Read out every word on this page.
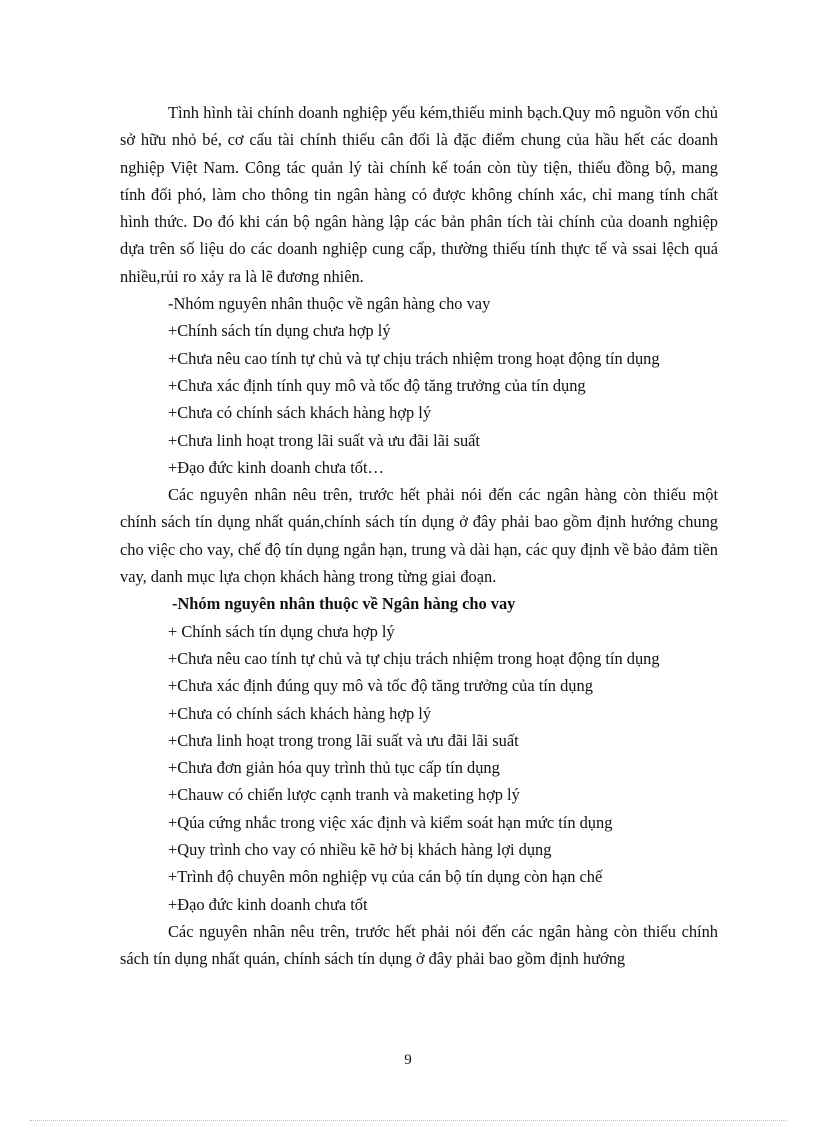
Tình hình tài chính doanh nghiệp yếu kém,thiếu minh bạch.Quy mô nguồn vốn chủ sở hữu nhỏ bé, cơ cấu tài chính thiếu cân đối là đặc điểm chung của hầu hết các doanh nghiệp Việt Nam. Công tác quản lý tài chính kế toán còn tùy tiện, thiếu đồng bộ, mang tính đối phó, làm cho thông tin ngân hàng có được không chính xác, chỉ mang tính chất hình thức. Do đó khi cán bộ ngân hàng lập các bản phân tích tài chính của doanh nghiệp dựa trên số liệu do các doanh nghiệp cung cấp, thường thiếu tính thực tế và ssai lệch quá nhiều,rủi ro xảy ra là lẽ đương nhiên.

-Nhóm nguyên nhân thuộc về ngân hàng cho vay

+Chính sách tín dụng chưa hợp lý

+Chưa nêu cao tính tự chủ và tự chịu trách nhiệm trong hoạt động tín dụng

+Chưa xác định tính quy mô và tốc độ tăng trưởng của tín dụng

+Chưa có chính sách khách hàng hợp lý

+Chưa linh hoạt trong lãi suất và ưu đãi lãi suất

+Đạo đức kinh doanh chưa tốt…

Các nguyên nhân nêu trên, trước hết phải nói đến các ngân hàng còn thiếu một chính sách tín dụng nhất quán,chính sách tín dụng ở đây phải bao gồm định hướng chung cho việc cho vay, chế độ tín dụng ngắn hạn, trung và dài hạn, các quy định về bảo đảm tiền vay, danh mục lựa chọn khách hàng trong từng giai đoạn.

-Nhóm nguyên nhân thuộc về Ngân hàng cho vay

+ Chính sách tín dụng chưa hợp lý

+Chưa nêu cao tính tự chủ và tự chịu trách nhiệm trong hoạt động tín dụng

+Chưa xác định đúng quy mô và tốc độ tăng trưởng của tín dụng

+Chưa có chính sách khách hàng hợp lý

+Chưa linh hoạt trong trong lãi suất và ưu đãi lãi suất

+Chưa đơn giản hóa quy trình thủ tục cấp tín dụng

+Chauw có chiến lược cạnh tranh và maketing hợp lý

+Qúa cứng nhắc trong việc xác định và kiểm soát hạn mức tín dụng

+Quy trình cho vay có nhiều kẽ hở bị khách hàng lợi dụng

+Trình độ chuyên môn nghiệp vụ của cán bộ tín dụng còn hạn chế

+Đạo đức kinh doanh chưa tốt

Các nguyên nhân nêu trên, trước hết phải nói đến các ngân hàng còn thiếu chính sách tín dụng nhất quán, chính sách tín dụng ở đây phải bao gồm định hướng

9
